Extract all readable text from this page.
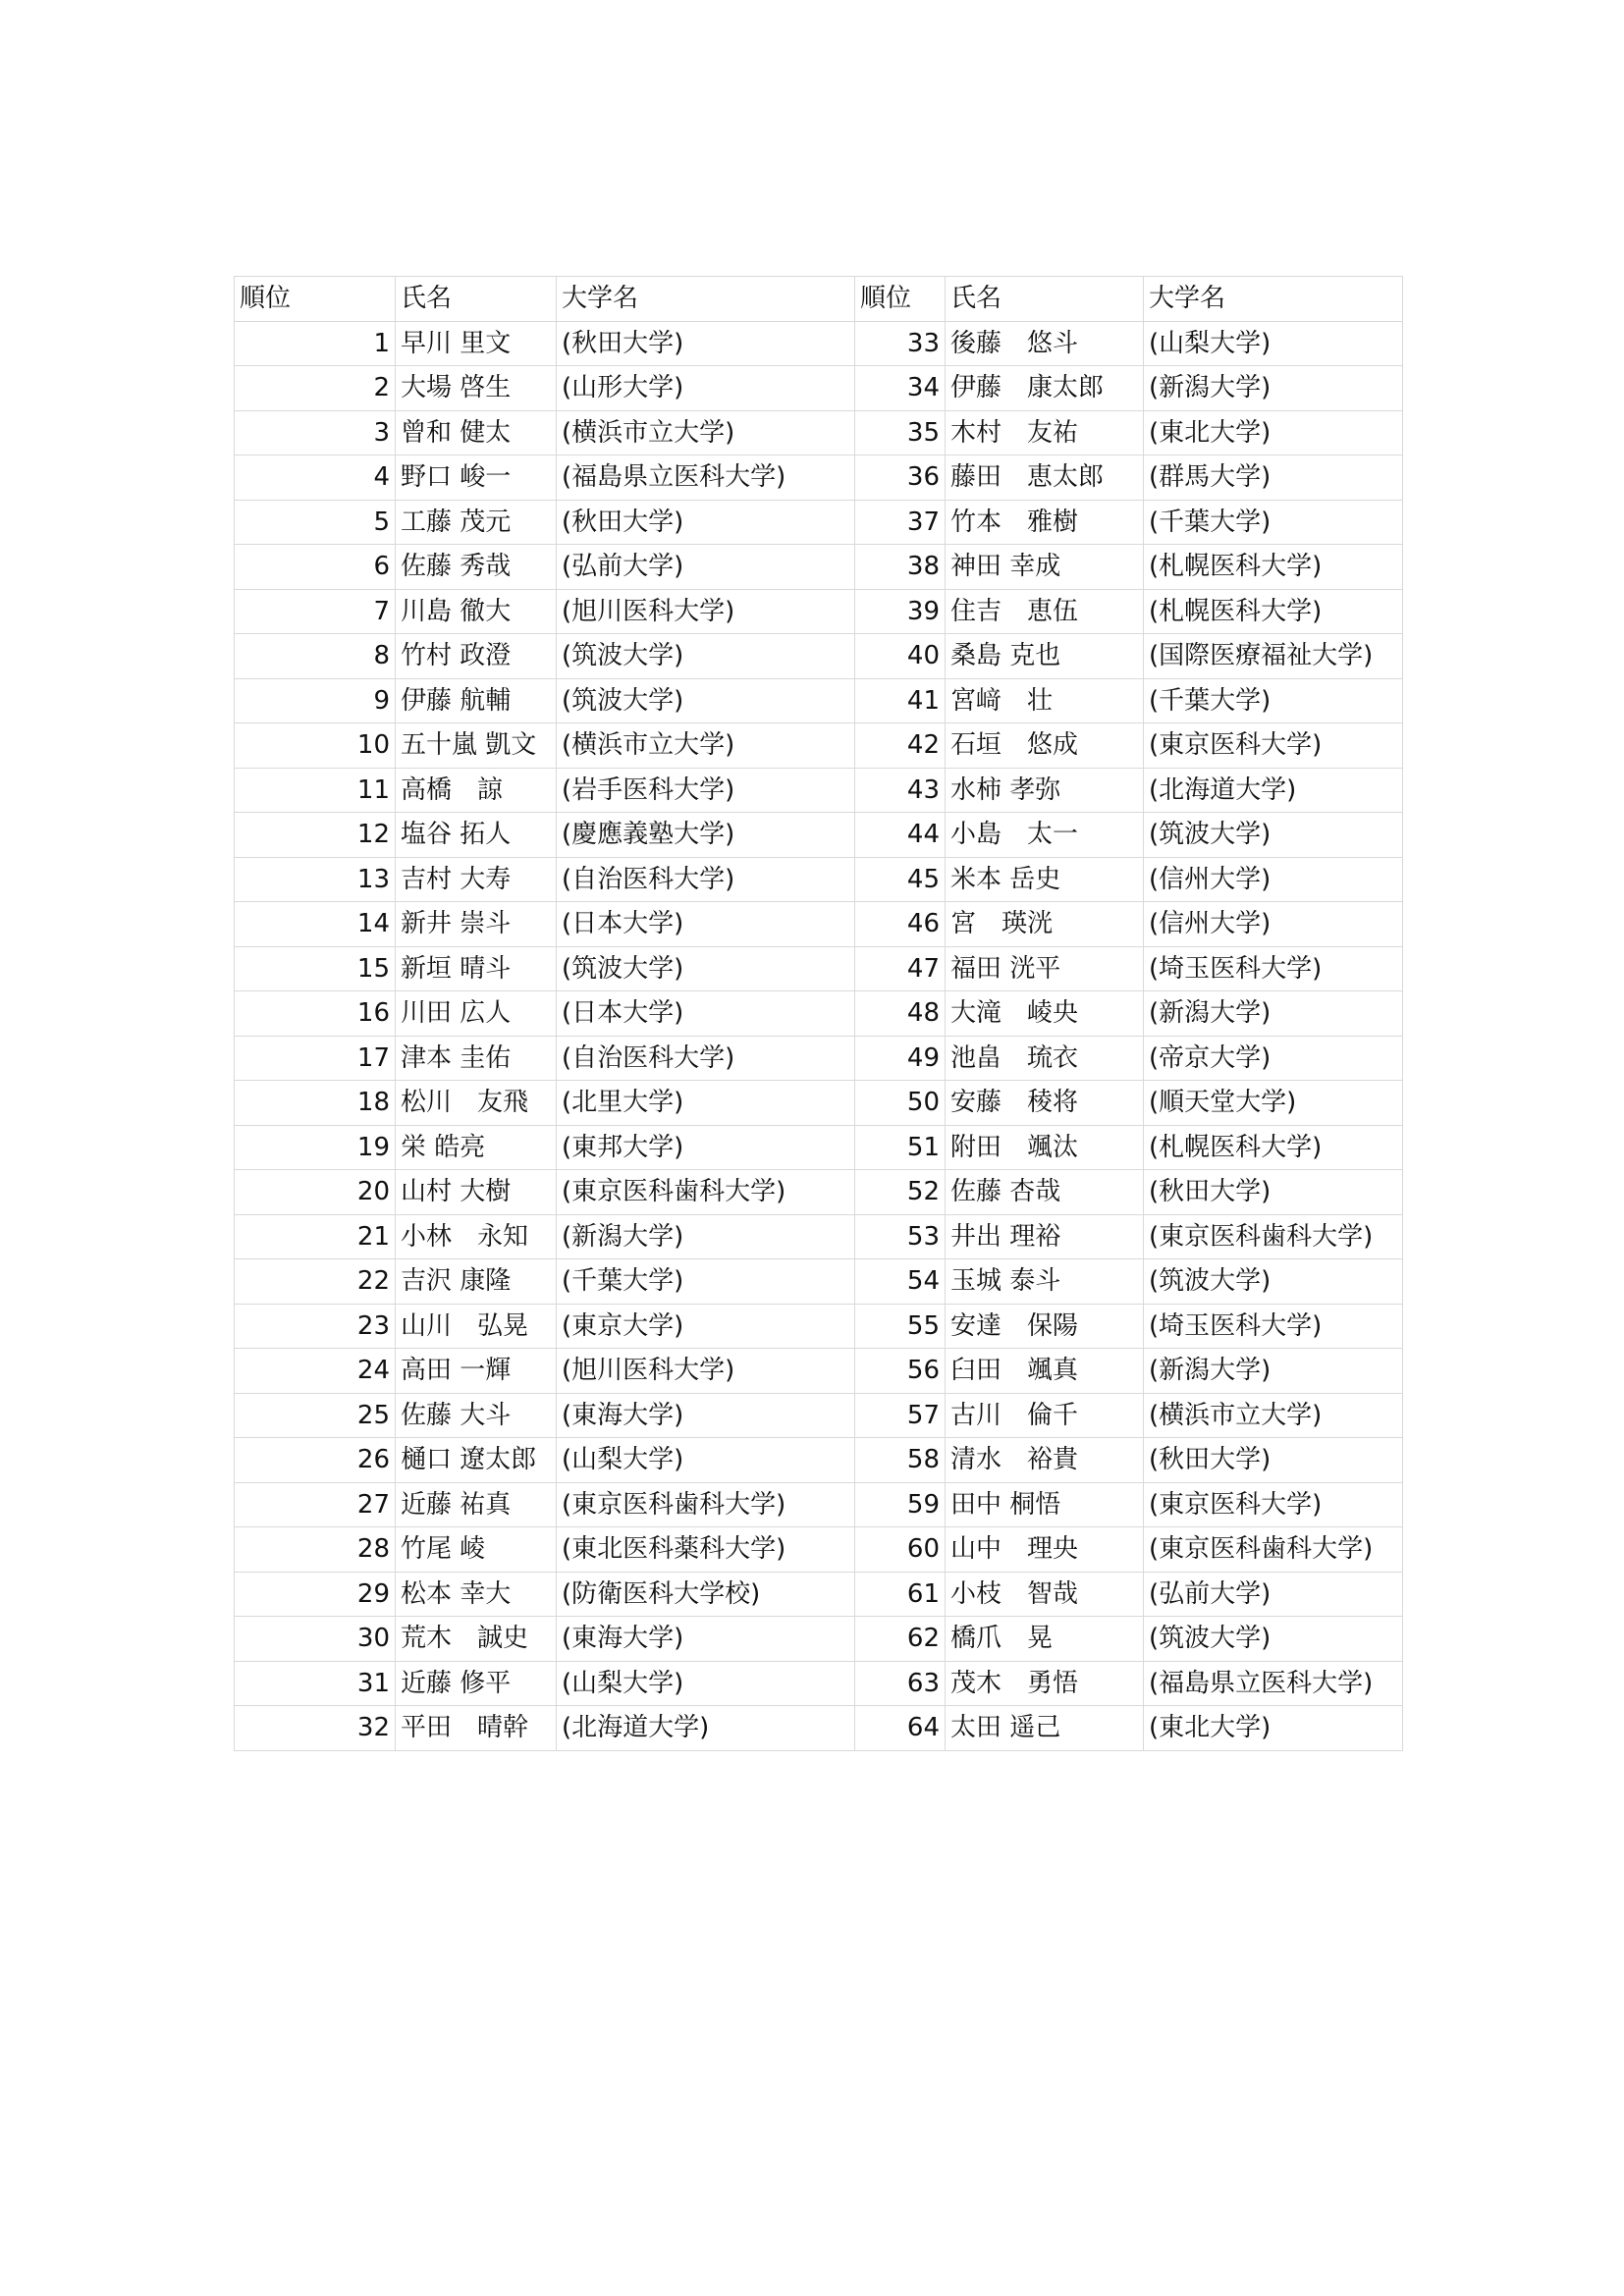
順位	氏名	大学名	順位	氏名	大学名
1	早川 里文	(秋田大学)	33	後藤　悠斗	(山梨大学)
2	大場 啓生	(山形大学)	34	伊藤　康太郎	(新潟大学)
3	曾和 健太	(横浜市立大学)	35	木村　友祐	(東北大学)
4	野口 峻一	(福島県立医科大学)	36	藤田　恵太郎	(群馬大学)
5	工藤 茂元	(秋田大学)	37	竹本　雅樹	(千葉大学)
6	佐藤 秀哉	(弘前大学)	38	神田 幸成	(札幌医科大学)
7	川島 徹大	(旭川医科大学)	39	住吉　恵伍	(札幌医科大学)
8	竹村 政澄	(筑波大学)	40	桑島 克也	(国際医療福祉大学)
9	伊藤 航輔	(筑波大学)	41	宮﨑　壮	(千葉大学)
10	五十嵐 凱文	(横浜市立大学)	42	石垣　悠成	(東京医科大学)
11	高橋　諒	(岩手医科大学)	43	水柿 孝弥	(北海道大学)
12	塩谷 拓人	(慶應義塾大学)	44	小島　太一	(筑波大学)
13	吉村 大寿	(自治医科大学)	45	米本 岳史	(信州大学)
14	新井 崇斗	(日本大学)	46	宮　瑛洸	(信州大学)
15	新垣 晴斗	(筑波大学)	47	福田 洸平	(埼玉医科大学)
16	川田 広人	(日本大学)	48	大滝　崚央	(新潟大学)
17	津本 圭佑	(自治医科大学)	49	池畠　琉衣	(帝京大学)
18	松川　友飛	(北里大学)	50	安藤　稜将	(順天堂大学)
19	栄 皓亮	(東邦大学)	51	附田　颯汰	(札幌医科大学)
20	山村 大樹	(東京医科歯科大学)	52	佐藤 杏哉	(秋田大学)
21	小林　永知	(新潟大学)	53	井出 理裕	(東京医科歯科大学)
22	吉沢 康隆	(千葉大学)	54	玉城 泰斗	(筑波大学)
23	山川　弘晃	(東京大学)	55	安達　保陽	(埼玉医科大学)
24	高田 一輝	(旭川医科大学)	56	臼田　颯真	(新潟大学)
25	佐藤 大斗	(東海大学)	57	古川　倫千	(横浜市立大学)
26	樋口 遼太郎	(山梨大学)	58	清水　裕貴	(秋田大学)
27	近藤 祐真	(東京医科歯科大学)	59	田中 桐悟	(東京医科大学)
28	竹尾 崚	(東北医科薬科大学)	60	山中　理央	(東京医科歯科大学)
29	松本 幸大	(防衛医科大学校)	61	小枝　智哉	(弘前大学)
30	荒木　誠史	(東海大学)	62	橋爪　晃	(筑波大学)
31	近藤 修平	(山梨大学)	63	茂木　勇悟	(福島県立医科大学)
32	平田　晴幹	(北海道大学)	64	太田 遥己	(東北大学)
